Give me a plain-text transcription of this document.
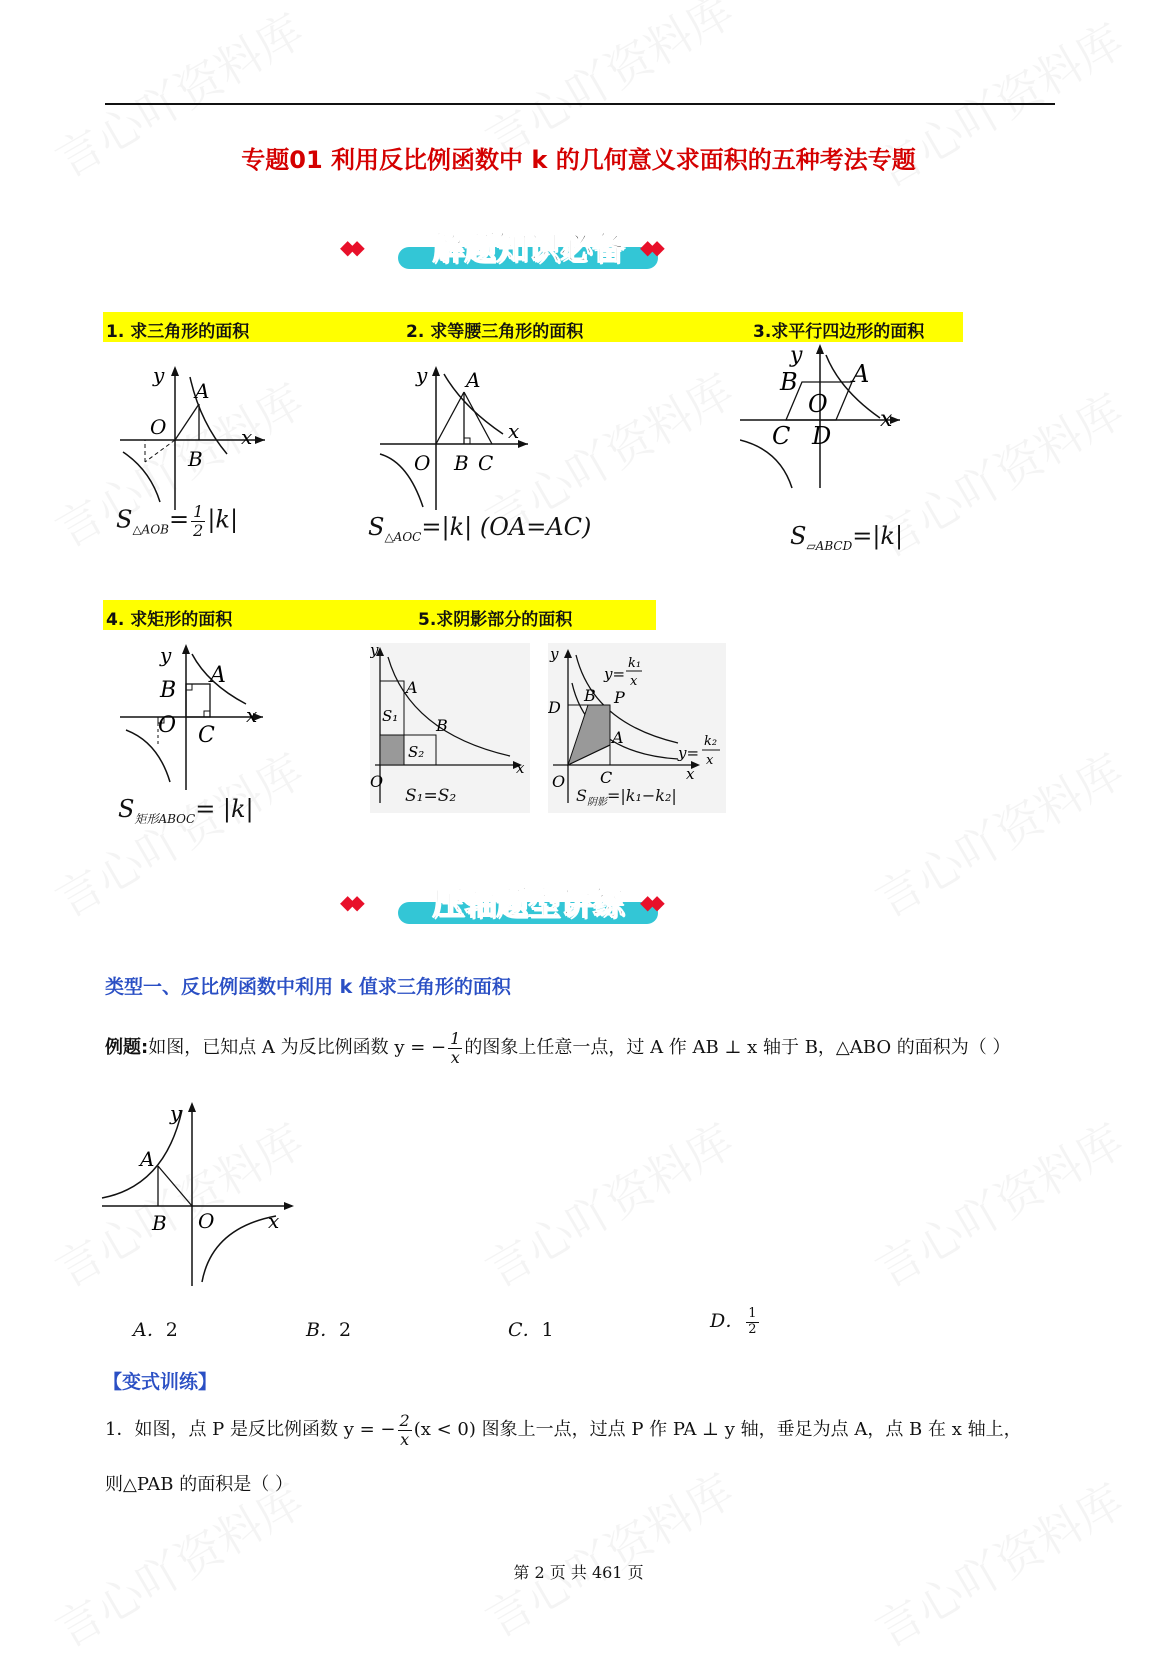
专题01 利用反比例函数中 k 的几何意义求面积的五种考法专题
◆◆	解题知识必备 ◆◆
1. 求三角形的面积	2. 求等腰三角形的面积	3.求平行四边形的面积
y
x
O
A
B
$S_{\triangle AOB}= \frac{1}{2} |k|$
y
x
O
A
B C
$S_{\triangle AOC}=|k|$ (OA=AC)
y
x
O
A
B
C D
$S_{▱ABCD}=|k|$
4. 求矩形的面积	5.求阴影部分的面积
y
x
B
A
O C
$S_{矩形ABOC}= |k|$
y
x
O
A
B
S₁
S₂
S₁=S₂
y
x
O
D
B P
A
C
y=
k₁
x
y=
k₂
x
$S_{阴影}=|k_1-k_2|$
◆◆	压轴题型讲练 ◆◆
类型一、反比例函数中利用 k 值求三角形的面积
例题:如图，已知点 A 为反比例函数 y = − $\frac{1}{x}$ 的图象上任意一点，过 A 作 AB ⊥ x 轴于 B，△ABO 的面积为（ ）
y
x
O
A
B
A．2	B．2	C．1	D． $\frac{1}{2}$
【变式训练】
1．如图，点 P 是反比例函数 y = − $\frac{2}{x} (x < 0)$ 图象上一点，过点 P 作 PA ⊥ y 轴，垂足为点 A，点 B 在 x 轴上，
则△PAB 的面积是（ ）
第 2 页 共 461 页
